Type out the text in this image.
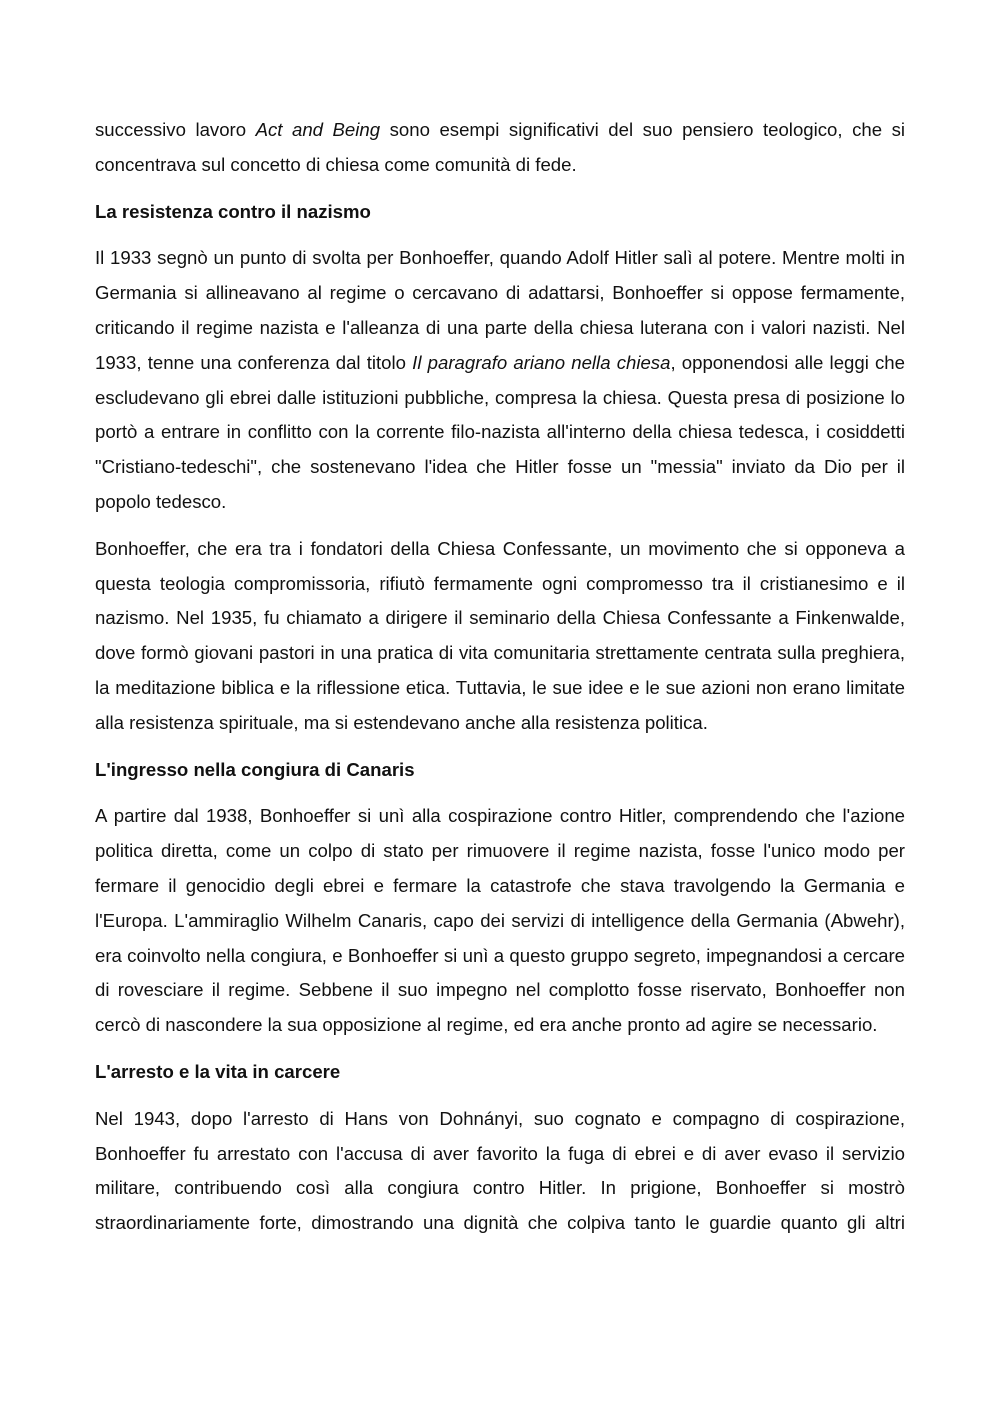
successivo lavoro Act and Being sono esempi significativi del suo pensiero teologico, che si concentrava sul concetto di chiesa come comunità di fede.

La resistenza contro il nazismo

Il 1933 segnò un punto di svolta per Bonhoeffer, quando Adolf Hitler salì al potere. Mentre molti in Germania si allineavano al regime o cercavano di adattarsi, Bonhoeffer si oppose fermamente, criticando il regime nazista e l'alleanza di una parte della chiesa luterana con i valori nazisti. Nel 1933, tenne una conferenza dal titolo Il paragrafo ariano nella chiesa, opponendosi alle leggi che escludevano gli ebrei dalle istituzioni pubbliche, compresa la chiesa. Questa presa di posizione lo portò a entrare in conflitto con la corrente filo-nazista all'interno della chiesa tedesca, i cosiddetti "Cristiano-tedeschi", che sostenevano l'idea che Hitler fosse un "messia" inviato da Dio per il popolo tedesco.

Bonhoeffer, che era tra i fondatori della Chiesa Confessante, un movimento che si opponeva a questa teologia compromissoria, rifiutò fermamente ogni compromesso tra il cristianesimo e il nazismo. Nel 1935, fu chiamato a dirigere il seminario della Chiesa Confessante a Finkenwalde, dove formò giovani pastori in una pratica di vita comunitaria strettamente centrata sulla preghiera, la meditazione biblica e la riflessione etica. Tuttavia, le sue idee e le sue azioni non erano limitate alla resistenza spirituale, ma si estendevano anche alla resistenza politica.

L'ingresso nella congiura di Canaris

A partire dal 1938, Bonhoeffer si unì alla cospirazione contro Hitler, comprendendo che l'azione politica diretta, come un colpo di stato per rimuovere il regime nazista, fosse l'unico modo per fermare il genocidio degli ebrei e fermare la catastrofe che stava travolgendo la Germania e l'Europa. L'ammiraglio Wilhelm Canaris, capo dei servizi di intelligence della Germania (Abwehr), era coinvolto nella congiura, e Bonhoeffer si unì a questo gruppo segreto, impegnandosi a cercare di rovesciare il regime. Sebbene il suo impegno nel complotto fosse riservato, Bonhoeffer non cercò di nascondere la sua opposizione al regime, ed era anche pronto ad agire se necessario.

L'arresto e la vita in carcere

Nel 1943, dopo l'arresto di Hans von Dohnányi, suo cognato e compagno di cospirazione, Bonhoeffer fu arrestato con l'accusa di aver favorito la fuga di ebrei e di aver evaso il servizio militare, contribuendo così alla congiura contro Hitler. In prigione, Bonhoeffer si mostrò straordinariamente forte, dimostrando una dignità che colpiva tanto le guardie quanto gli altri
